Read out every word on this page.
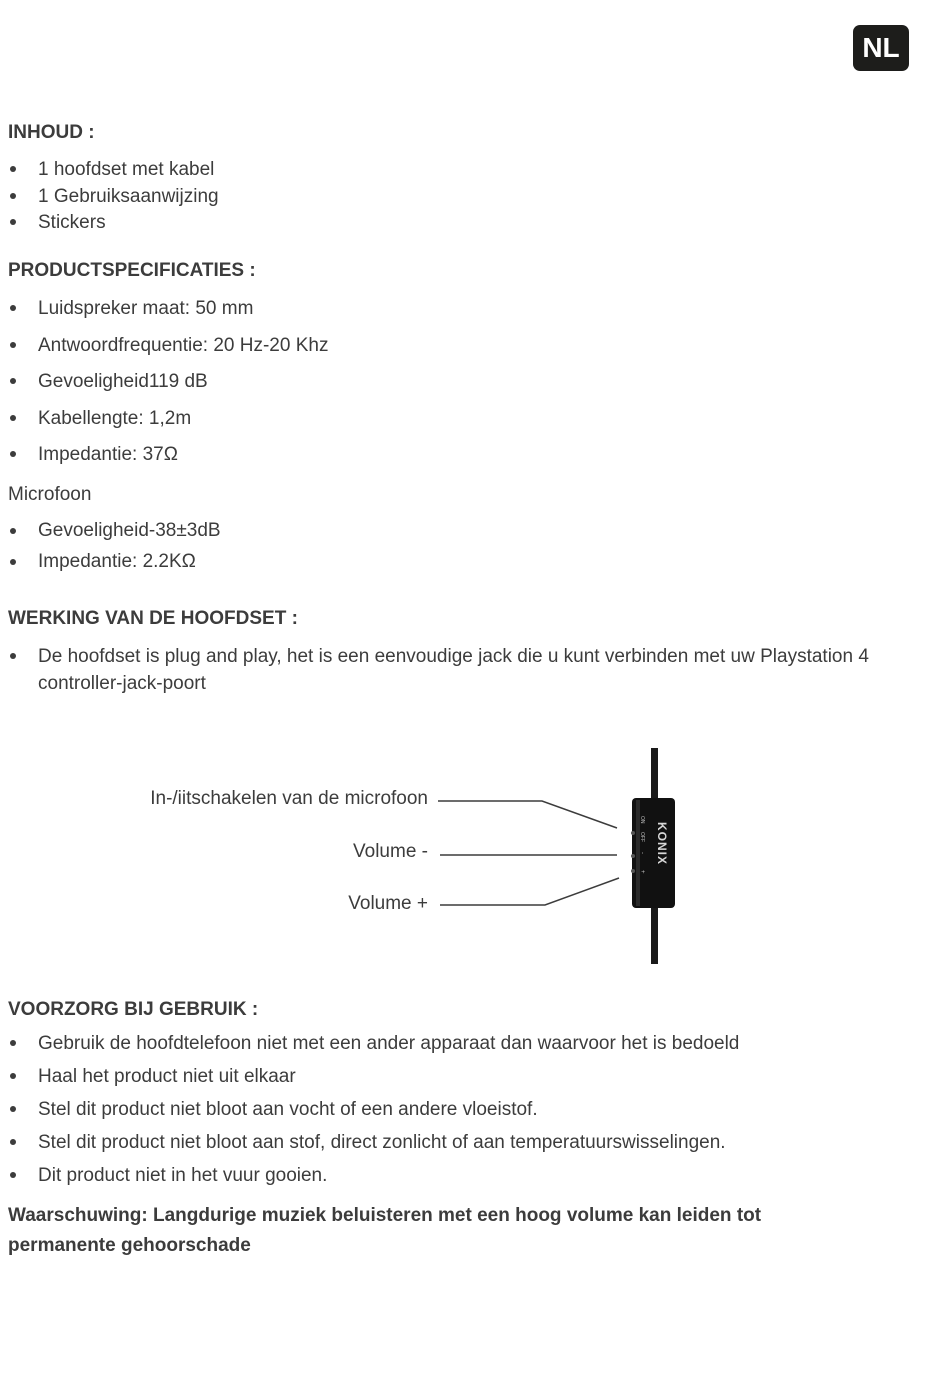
NL
INHOUD :
1 hoofdset met kabel
1 Gebruiksaanwijzing
Stickers
PRODUCTSPECIFICATIES :
Luidspreker maat: 50 mm
Antwoordfrequentie: 20 Hz-20 Khz
Gevoeligheid119 dB
Kabellengte: 1,2m
Impedantie: 37Ω

Microfoon

Gevoeligheid-38±3dB
Impedantie: 2.2KΩ
WERKING VAN DE HOOFDSET :
De hoofdset is plug and play, het is een eenvoudige jack die u kunt verbinden met uw Playstation 4 controller-jack-poort
In-/iitschakelen van de microfoon
Volume -
Volume +
ON
OFF
-
+
KONIX
VOORZORG BIJ GEBRUIK :
Gebruik de hoofdtelefoon niet met een ander apparaat dan waarvoor het is bedoeld
Haal het product niet uit elkaar
Stel dit product niet bloot aan vocht of een andere vloeistof.
Stel dit product niet bloot aan stof, direct zonlicht of aan temperatuurswisselingen.
Dit product niet in het vuur gooien.

Waarschuwing: Langdurige muziek beluisteren met een hoog volume kan leiden tot permanente gehoorschade
